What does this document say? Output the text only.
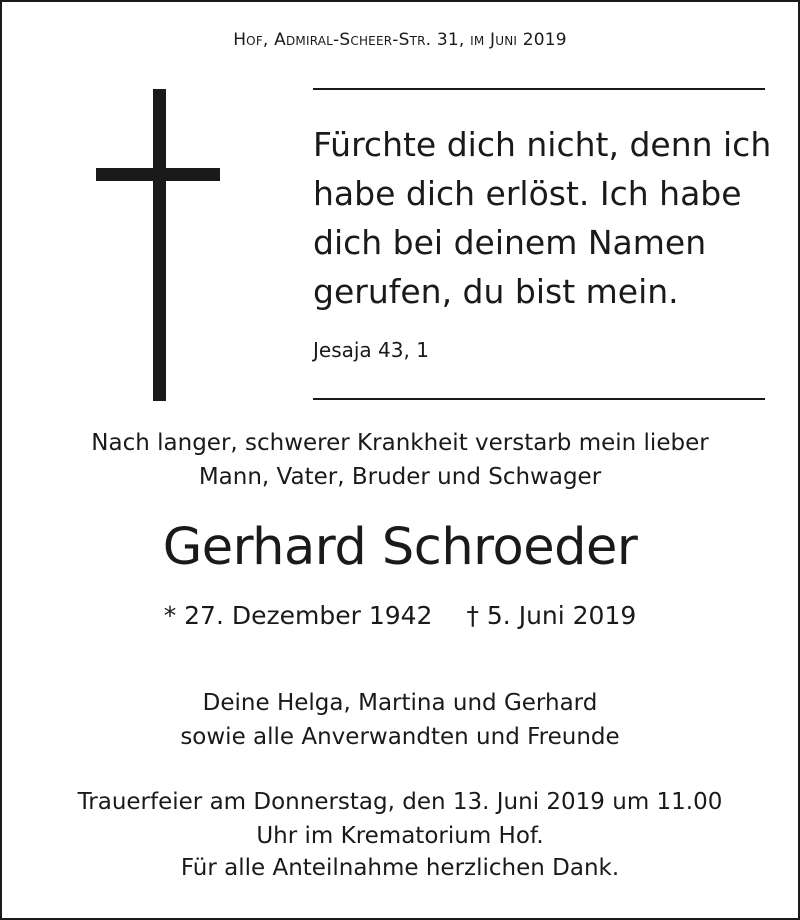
Hof, Admiral-Scheer-Str. 31, im Juni 2019
Fürchte dich nicht, denn ich
habe dich erlöst. Ich habe
dich bei deinem Namen
gerufen, du bist mein.
Jesaja 43, 1
Nach langer, schwerer Krankheit verstarb mein lieber
Mann, Vater, Bruder und Schwager
Gerhard Schroeder
* 27. Dezember 1942 † 5. Juni 2019
Deine Helga, Martina und Gerhard
sowie alle Anverwandten und Freunde
Trauerfeier am Donnerstag, den 13. Juni 2019 um 11.00
Uhr im Krematorium Hof.
Für alle Anteilnahme herzlichen Dank.
